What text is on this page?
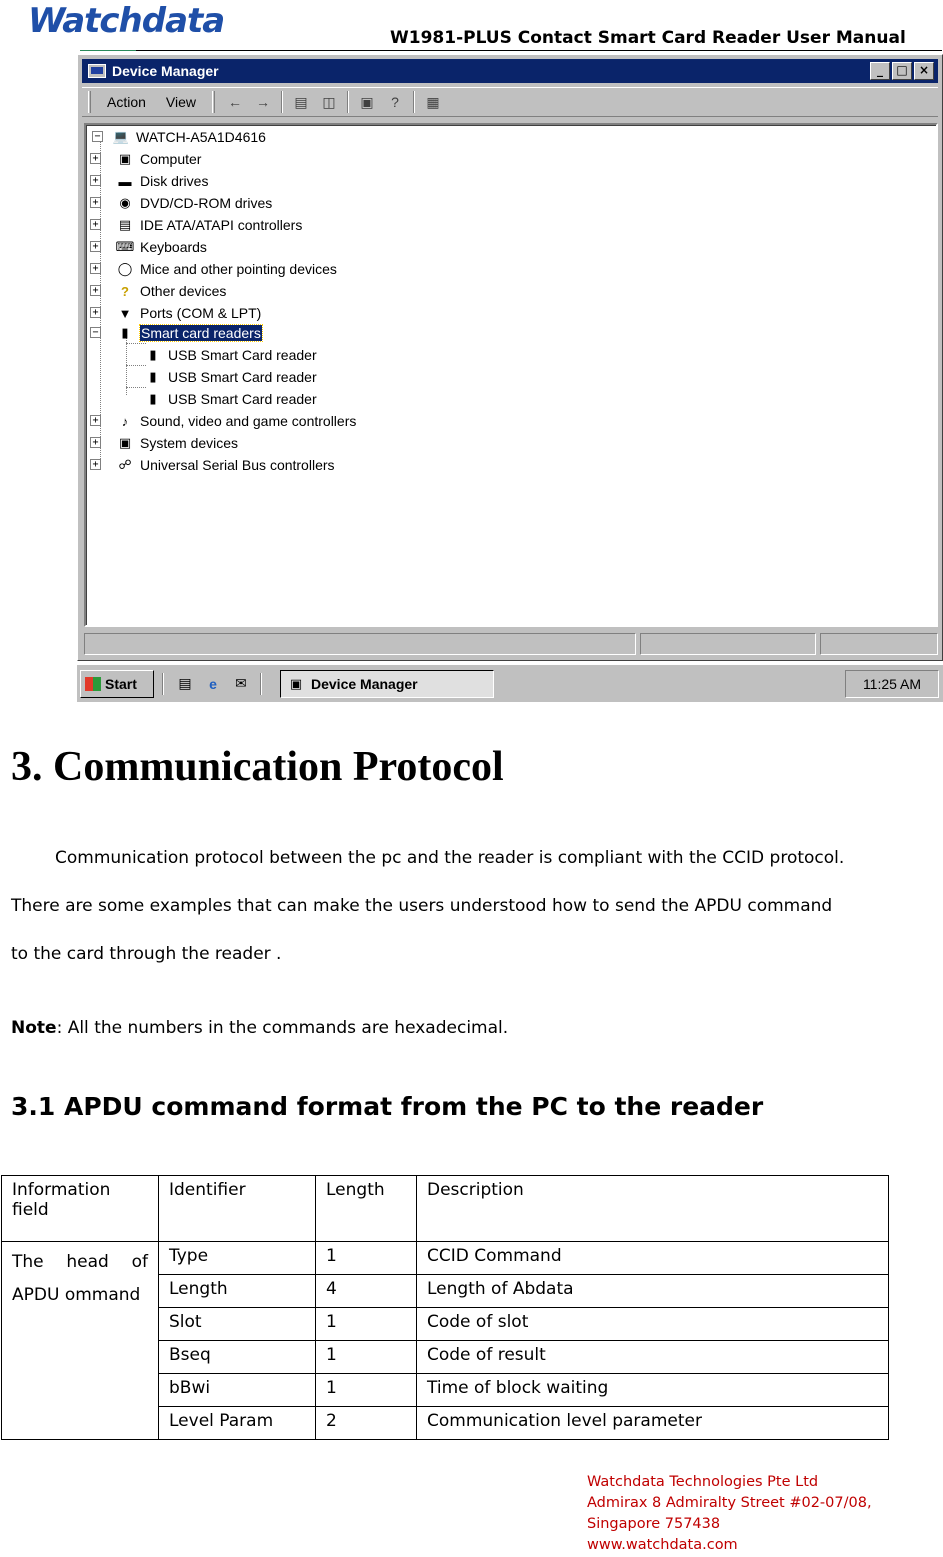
Watchdata	W1981-PLUS Contact Smart Card Reader User Manual
Device Manager	_	□ ×
Action	View	← →	▤	◫	▣	?	▦
− 💻 WATCH-A5A1D4616
+ ▣ Computer
+ ▬ Disk drives
+ ◉ DVD/CD-ROM drives
+ ▤ IDE ATA/ATAPI controllers
+ ⌨ Keyboards
+ ◯ Mice and other pointing devices
+	? Other devices
+ ▼ Ports (COM & LPT)
−	▮ Smart card readers
▮ USB Smart Card reader
▮ USB Smart Card reader
▮ USB Smart Card reader
+	♪ Sound, video and game controllers
+ ▣ System devices
+ ☍ Universal Serial Bus controllers
Start	▤	e	✉	▣ Device Manager	11:25 AM
3. Communication Protocol
Communication protocol between the pc and the reader is compliant with the CCID protocol.
There are some examples that can make the users understood how to send the APDU command
to the card through the reader .
Note: All the numbers in the commands are hexadecimal.
3.1 APDU command format from the PC to the reader
Information field	Identifier	Length	Description
The head of APDU ommand	Type	1	CCID Command
	Length	4	Length of Abdata
	Slot	1	Code of slot
	Bseq	1	Code of result
	bBwi	1	Time of block waiting
	Level Param	2	Communication level parameter
Watchdata Technologies Pte Ltd
Admirax 8 Admiralty Street #02-07/08,
Singapore 757438
www.watchdata.com
